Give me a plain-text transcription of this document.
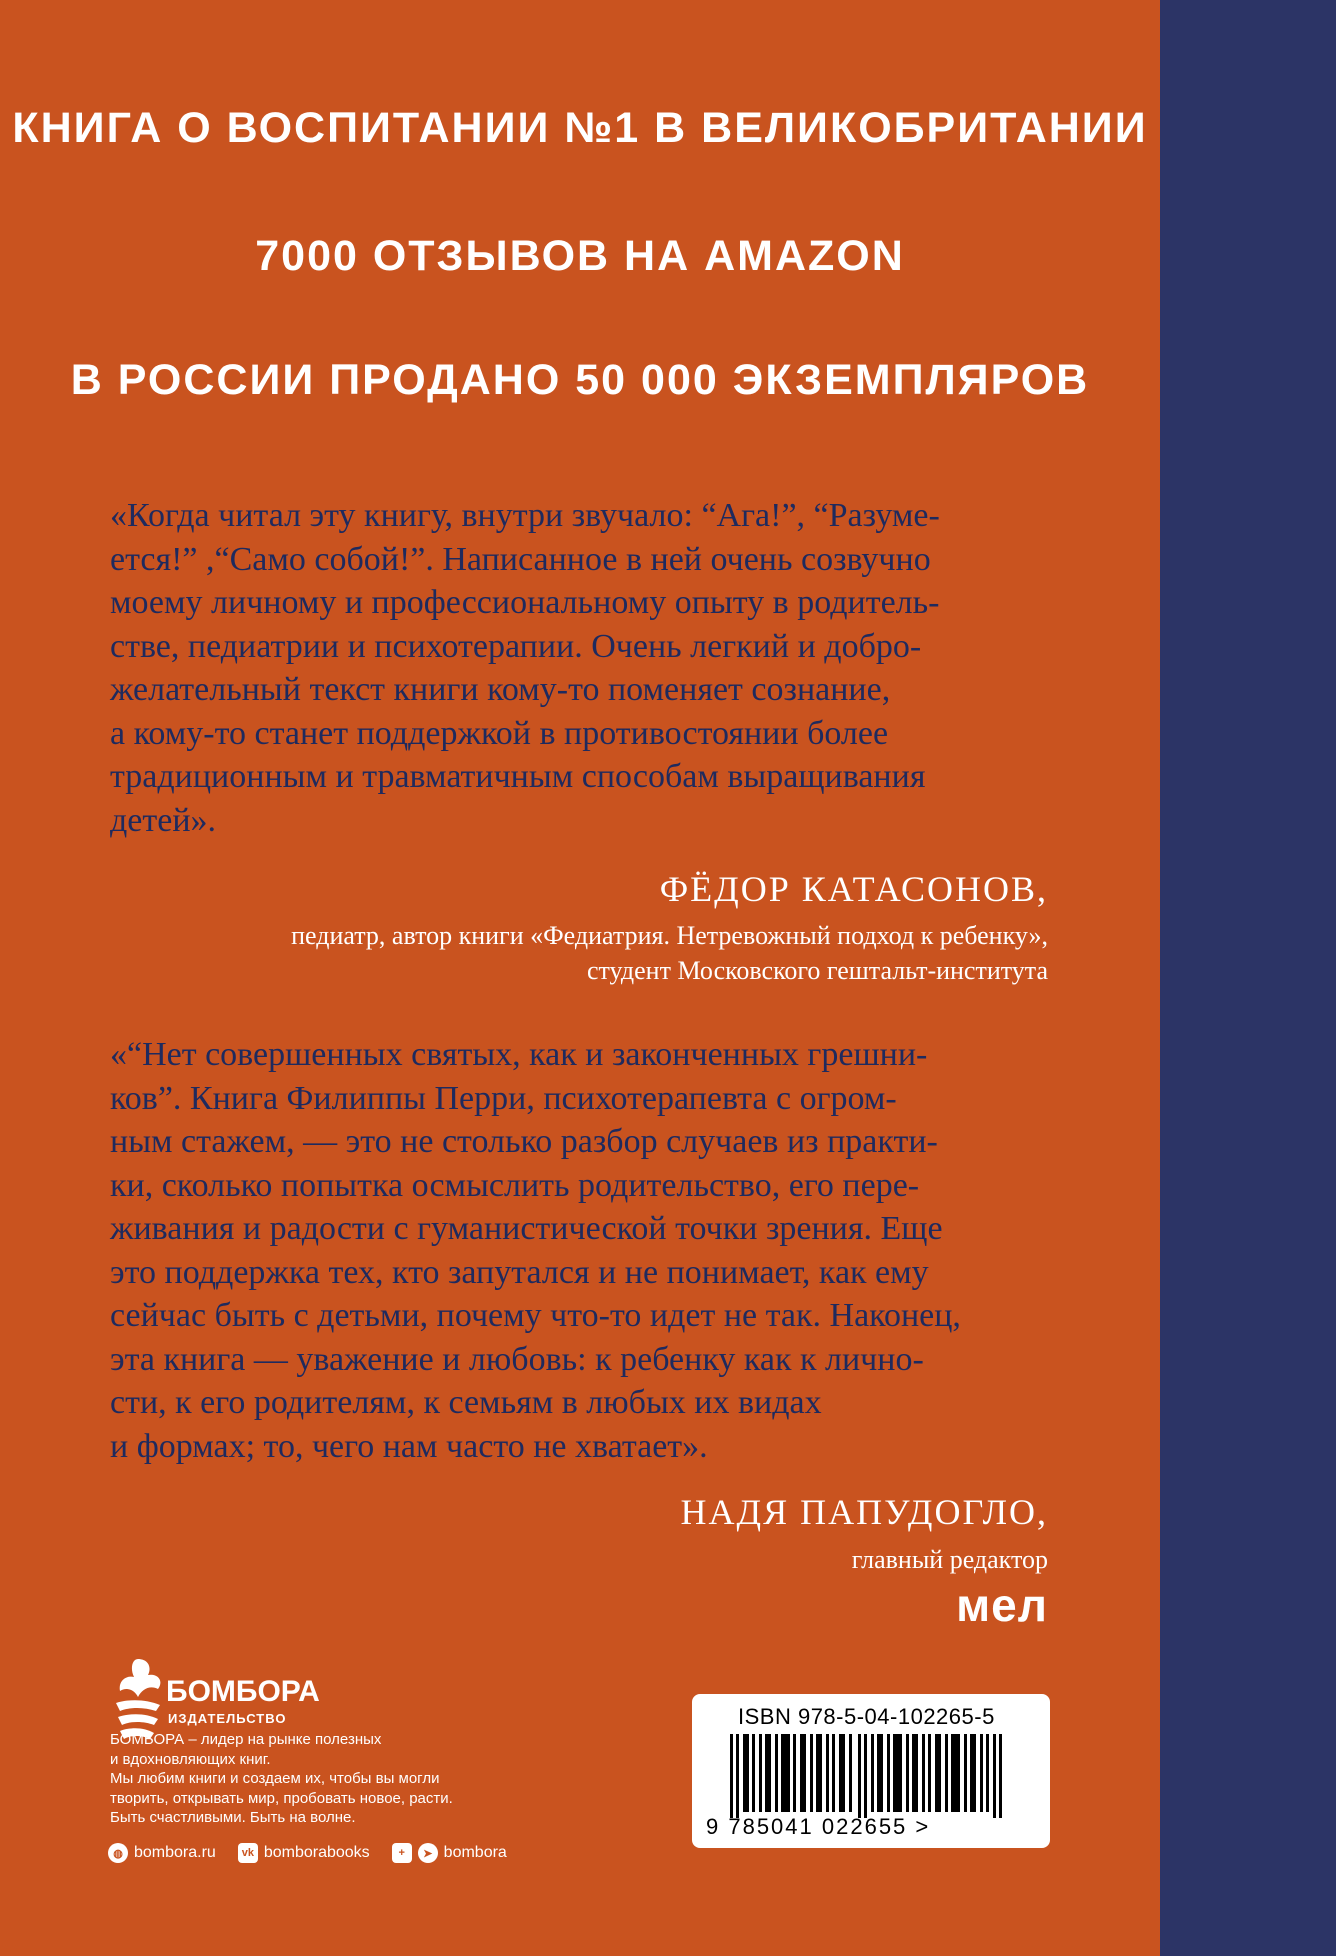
КНИГА О ВОСПИТАНИИ №1 В ВЕЛИКОБРИТАНИИ
7000 ОТЗЫВОВ НА AMAZON
В РОССИИ ПРОДАНО 50 000 ЭКЗЕМПЛЯРОВ
«Когда читал эту книгу, внутри звучало: “Ага!”, “Разуме-
ется!” ,“Само собой!”. Написанное в ней очень созвучно
моему личному и профессиональному опыту в родитель-
стве, педиатрии и психотерапии. Очень легкий и добро-
желательный текст книги кому-то поменяет сознание,
а кому-то станет поддержкой в противостоянии более
традиционным и травматичным способам выращивания
детей».
ФЁДОР КАТАСОНОВ,
педиатр, автор книги «Федиатрия. Нетревожный подход к ребенку»,
студент Московского гештальт-института
«“Нет совершенных святых, как и законченных грешни-
ков”. Книга Филиппы Перри, психотерапевта с огром-
ным стажем, — это не столько разбор случаев из практи-
ки, сколько попытка осмыслить родительство, его пере-
живания и радости с гуманистической точки зрения. Еще
это поддержка тех, кто запутался и не понимает, как ему
сейчас быть с детьми, почему что-то идет не так. Наконец,
эта книга — уважение и любовь: к ребенку как к лично-
сти, к его родителям, к семьям в любых их видах
и формах; то, чего нам часто не хватает».
НАДЯ ПАПУДОГЛО,
главный редактор
мел
БОМБОРА
ИЗДАТЕЛЬСТВО
БОМБОРА – лидер на рынке полезных
и вдохновляющих книг.
Мы любим книги и создаем их, чтобы вы могли
творить, открывать мир, пробовать новое, расти.
Быть счастливыми. Быть на волне.
◍ bombora.ru	vk bomborabooks	+	➤ bombora
ISBN 978-5-04-102265-5
9 785041 022655 >
